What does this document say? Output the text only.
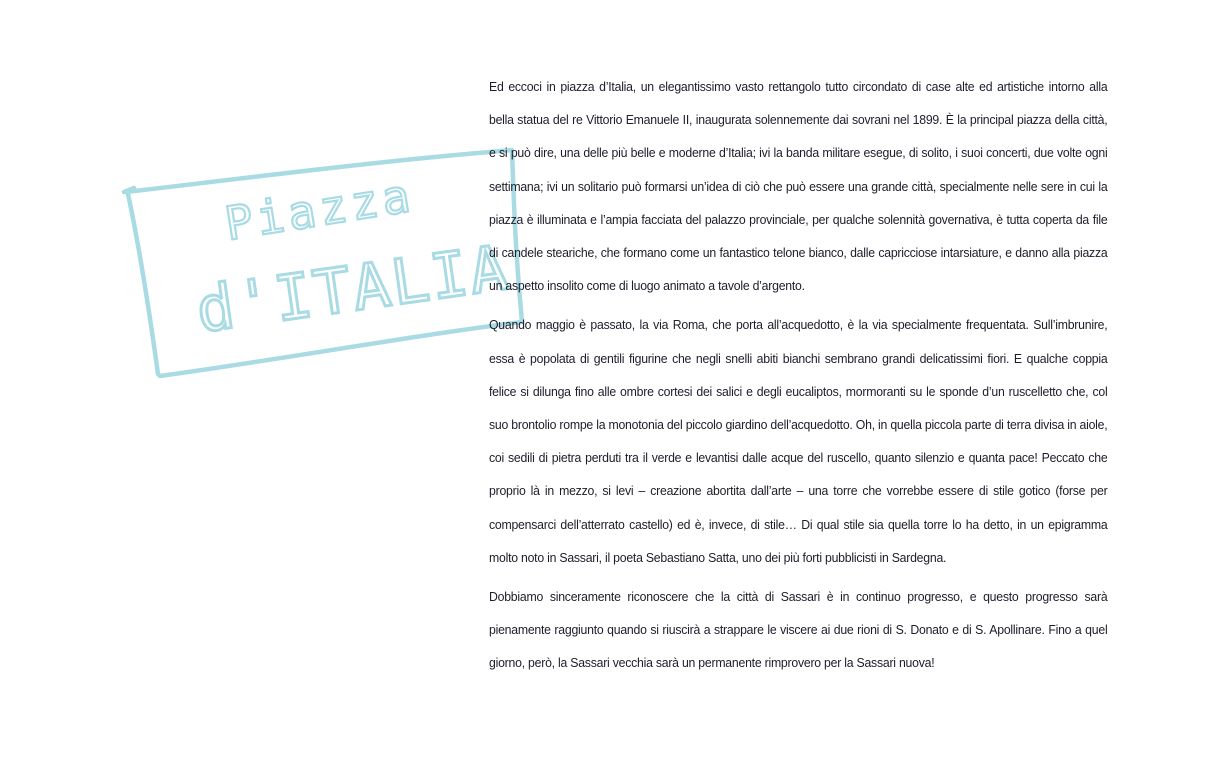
Piazza
d'ITALIA

Ed eccoci in piazza d’Italia, un elegantissimo vasto rettangolo tutto circondato di case alte ed artistiche intorno alla bella statua del re Vittorio Emanuele II, inaugurata solennemente dai sovrani nel 1899. È la principal piazza della città, e si può dire, una delle più belle e moderne d’Italia; ivi la banda militare esegue, di solito, i suoi concerti, due volte ogni settimana; ivi un solitario può formarsi un’idea di ciò che può essere una grande città, specialmente nelle sere in cui la piazza è illuminata e l’ampia facciata del palazzo provinciale, per qualche solennità governativa, è tutta coperta da file di candele steariche, che formano come un fantastico telone bianco, dalle capricciose intarsiature, e danno alla piazza un aspetto insolito come di luogo animato a tavole d’argento.

Quando maggio è passato, la via Roma, che porta all’acquedotto, è la via specialmente frequentata. Sull’imbrunire, essa è popolata di gentili figurine che negli snelli abiti bianchi sembrano grandi delicatissimi fiori. E qualche coppia felice si dilunga fino alle ombre cortesi dei salici e degli eucaliptos, mormoranti su le sponde d’un ruscelletto che, col suo brontolio rompe la monotonia del piccolo giardino dell’acquedotto. Oh, in quella piccola parte di terra divisa in aiole, coi sedili di pietra perduti tra il verde e levantisi dalle acque del ruscello, quanto silenzio e quanta pace! Peccato che proprio là in mezzo, si levi – creazione abortita dall’arte – una torre che vorrebbe essere di stile gotico (forse per compensarci dell’atterrato castello) ed è, invece, di stile… Di qual stile sia quella torre lo ha detto, in un epigramma molto noto in Sassari, il poeta Sebastiano Satta, uno dei più forti pubblicisti in Sardegna.

Dobbiamo sinceramente riconoscere che la città di Sassari è in continuo progresso, e questo progresso sarà pienamente raggiunto quando si riuscirà a strappare le viscere ai due rioni di S. Donato e di S. Apollinare. Fino a quel giorno, però, la Sassari vecchia sarà un permanente rimprovero per la Sassari nuova!
